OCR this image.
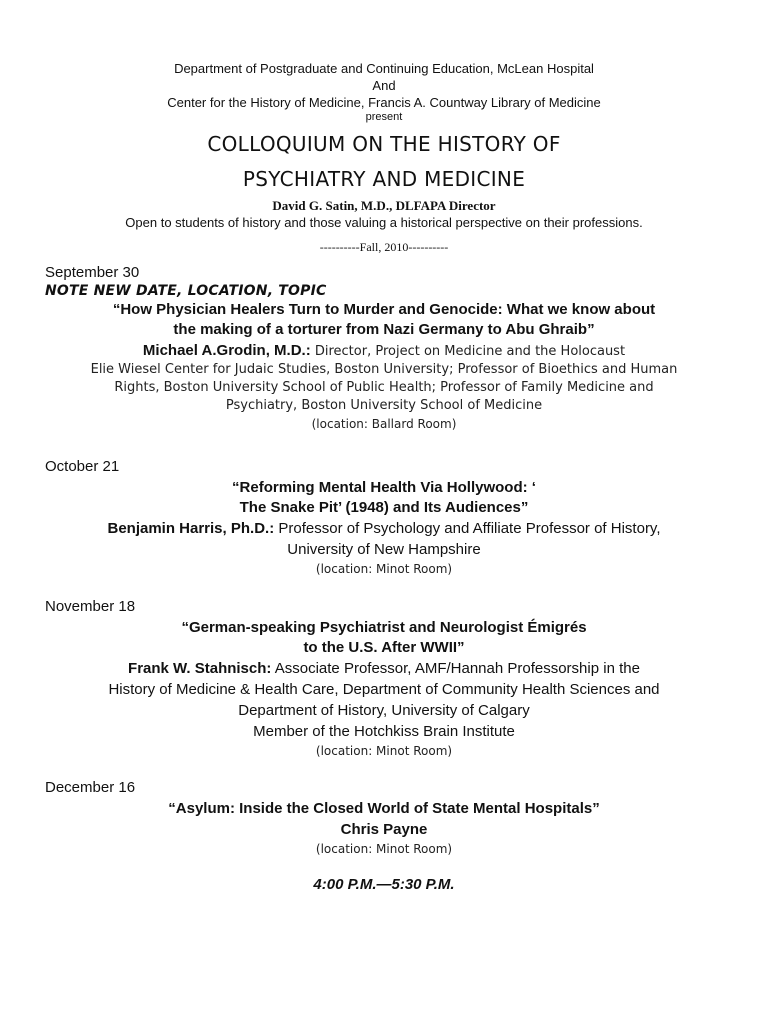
Department of Postgraduate and Continuing Education, McLean Hospital
And
Center for the History of Medicine, Francis A. Countway Library of Medicine
present
COLLOQUIUM ON THE HISTORY OF
PSYCHIATRY AND MEDICINE
David G. Satin, M.D., DLFAPA Director
Open to students of history and those valuing a historical perspective on their professions.
----------Fall, 2010----------
September 30
NOTE NEW DATE, LOCATION, TOPIC
“How Physician Healers Turn to Murder and Genocide: What we know about
the making of a torturer from Nazi Germany to Abu Ghraib”
Michael A.Grodin, M.D.: Director, Project on Medicine and the Holocaust
Elie Wiesel Center for Judaic Studies, Boston University; Professor of Bioethics and Human
Rights, Boston University School of Public Health; Professor of Family Medicine and
Psychiatry, Boston University School of Medicine
(location: Ballard Room)
October 21
“Reforming Mental Health Via Hollywood: ‘
The Snake Pit’ (1948) and Its Audiences”
Benjamin Harris, Ph.D.: Professor of Psychology and Affiliate Professor of History,
University of New Hampshire
(location: Minot Room)
November 18
“German-speaking Psychiatrist and Neurologist Émigrés
to the U.S. After WWII”
Frank W. Stahnisch: Associate Professor, AMF/Hannah Professorship in the
History of Medicine & Health Care, Department of Community Health Sciences and
Department of History, University of Calgary
Member of the Hotchkiss Brain Institute
(location: Minot Room)
December 16
“Asylum: Inside the Closed World of State Mental Hospitals”
Chris Payne
(location: Minot Room)
4:00 P.M.—5:30 P.M.
